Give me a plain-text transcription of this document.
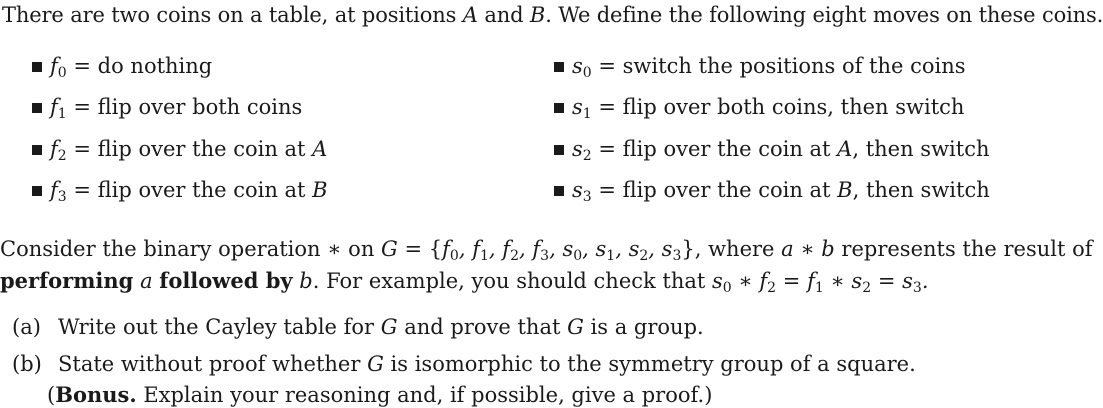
There are two coins on a table, at positions A and B. We define the following eight moves on these coins.
$f_0$ = do nothing
$f_1$ = flip over both coins
$f_2$ = flip over the coin at A
$f_3$ = flip over the coin at B
$s_0$ = switch the positions of the coins
$s_1$ = flip over both coins, then switch
$s_2$ = flip over the coin at A, then switch
$s_3$ = flip over the coin at B, then switch
Consider the binary operation ∗ on $G = \{f_0$, $f_1$, $f_2$, $f_3$, $s_0$, $s_1$, $s_2$, $s_3$}, where a ∗ b represents the result of
performing a followed by b. For example, you should check that $s_0$ ∗ $f_2 = f_1$ ∗ $s_2 = s_3$.
(a) Write out the Cayley table for G and prove that G is a group.
(b) State without proof whether G is isomorphic to the symmetry group of a square.
(Bonus. Explain your reasoning and, if possible, give a proof.)
